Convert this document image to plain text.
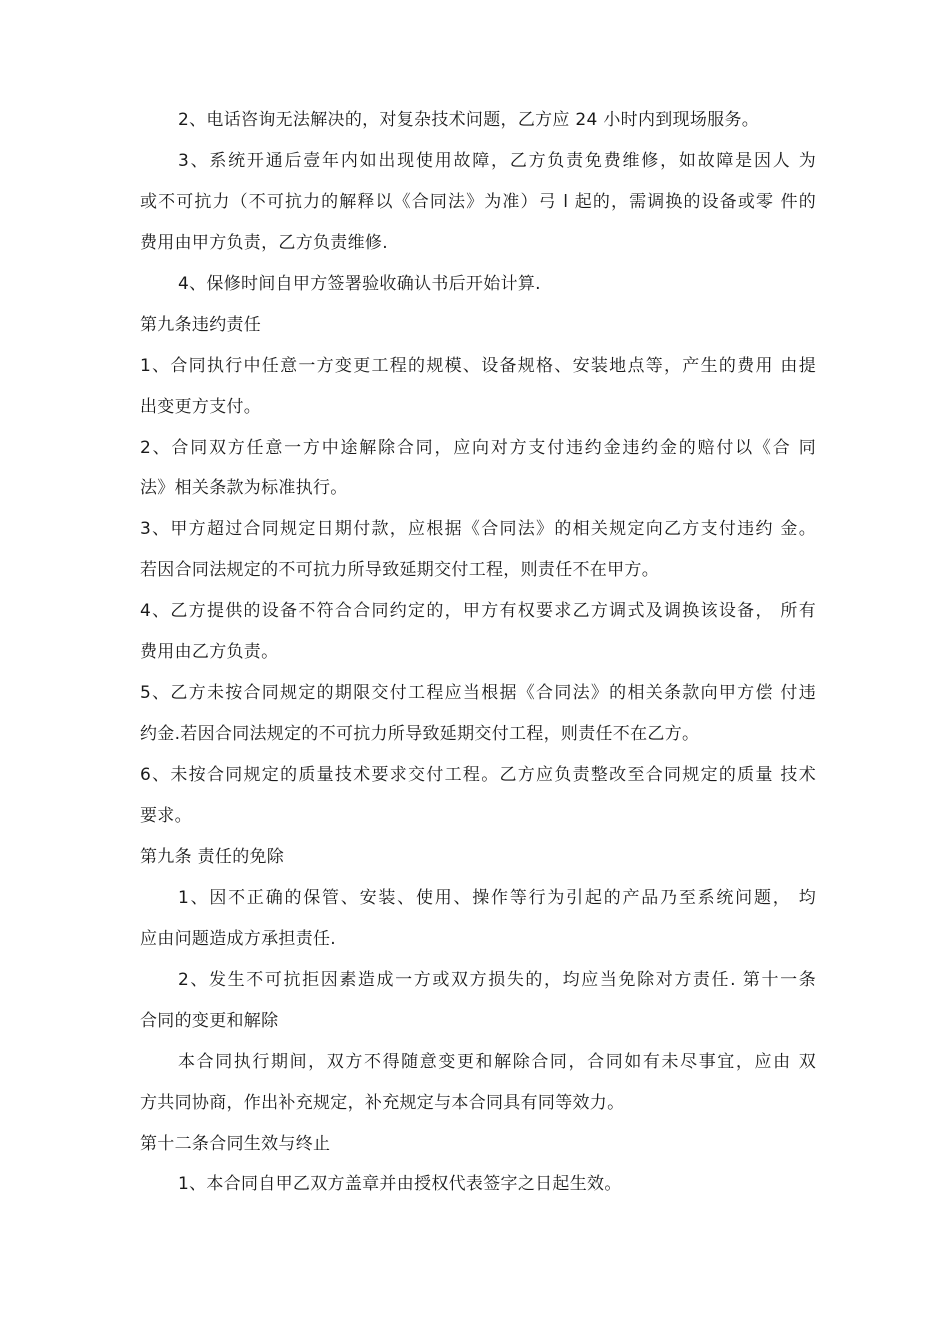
2、电话咨询无法解决的，对复杂技术问题，乙方应 24 小时内到现场服务。
3、系统开通后壹年内如出现使用故障，乙方负责免费维修，如故障是因人 为
或不可抗力（不可抗力的解释以《合同法》为准）弓 l 起的，需调换的设备或零 件的
费用由甲方负责，乙方负责维修.
4、保修时间自甲方签署验收确认书后开始计算.
第九条违约责任
1、合同执行中任意一方变更工程的规模、设备规格、安装地点等，产生的费用 由提
出变更方支付。
2、合同双方任意一方中途解除合同，应向对方支付违约金违约金的赔付以《合 同
法》相关条款为标准执行。
3、甲方超过合同规定日期付款，应根据《合同法》的相关规定向乙方支付违约 金。
若因合同法规定的不可抗力所导致延期交付工程，则责任不在甲方。
4、乙方提供的设备不符合合同约定的，甲方有权要求乙方调式及调换该设备， 所有
费用由乙方负责。
5、乙方未按合同规定的期限交付工程应当根据《合同法》的相关条款向甲方偿 付违
约金.若因合同法规定的不可抗力所导致延期交付工程，则责任不在乙方。
6、未按合同规定的质量技术要求交付工程。乙方应负责整改至合同规定的质量 技术
要求。
第九条 责任的免除
1、因不正确的保管、安装、使用、操作等行为引起的产品乃至系统问题， 均
应由问题造成方承担责任.
2、发生不可抗拒因素造成一方或双方损失的，均应当免除对方责任. 第十一条
合同的变更和解除
本合同执行期间，双方不得随意变更和解除合同，合同如有未尽事宜，应由 双
方共同协商，作出补充规定，补充规定与本合同具有同等效力。
第十二条合同生效与终止
1、本合同自甲乙双方盖章并由授权代表签字之日起生效。
